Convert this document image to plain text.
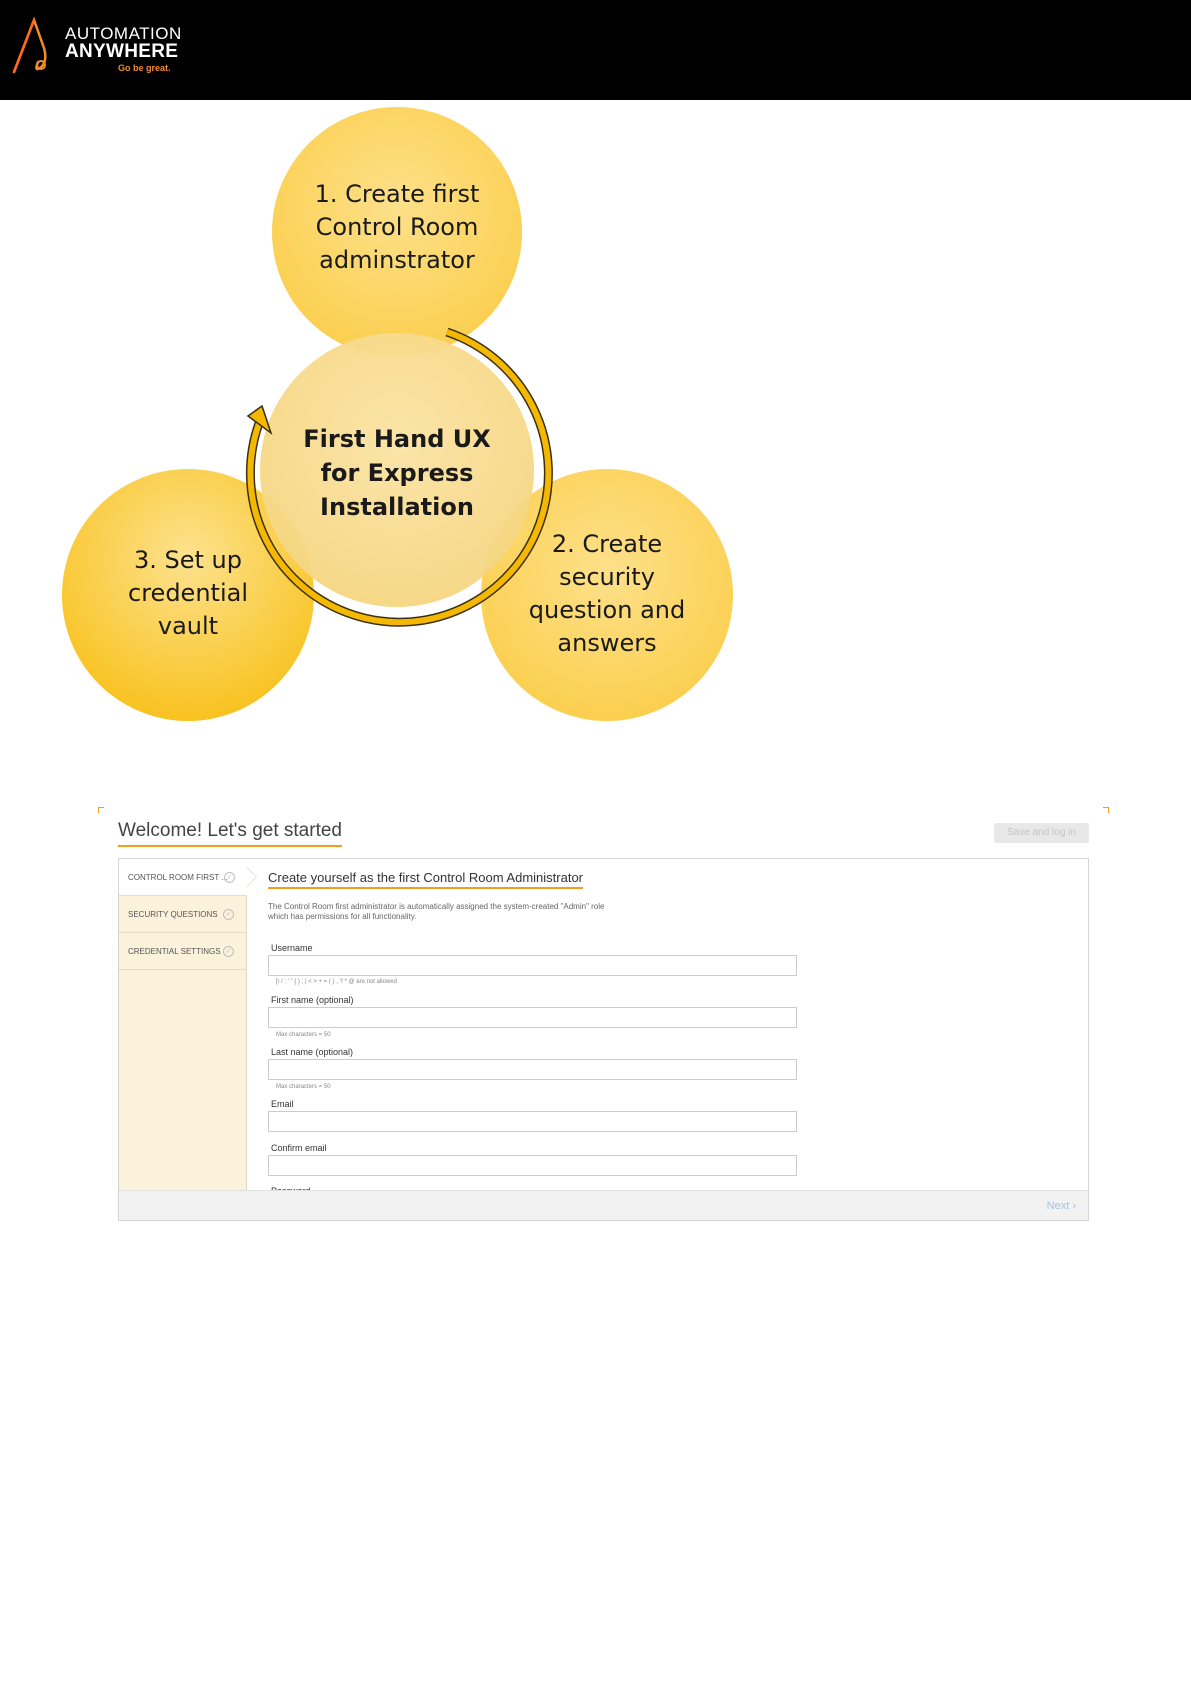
AUTOMATION
ANYWHERE
Go be great.
1. Create first
Control Room
adminstrator
First Hand UX
for Express
Installation
3. Set up
credential
vault
2. Create
security
question and
answers
Welcome! Let's get started	Save and log in
CONTROL ROOM FIRST ...
✓
SECURITY QUESTIONS	✓
CREDENTIAL SETTINGS ✓
Create yourself as the first Control Room Administrator
The Control Room first administrator is automatically assigned the system-created "Admin" role
which has permissions for all functionality.
Username
[\ / : ' " { } ; | < > + = ( ) , ? * @ are not allowed
First name (optional)
Max characters = 50
Last name (optional)
Max characters = 50
Email
Confirm email
Next ›
